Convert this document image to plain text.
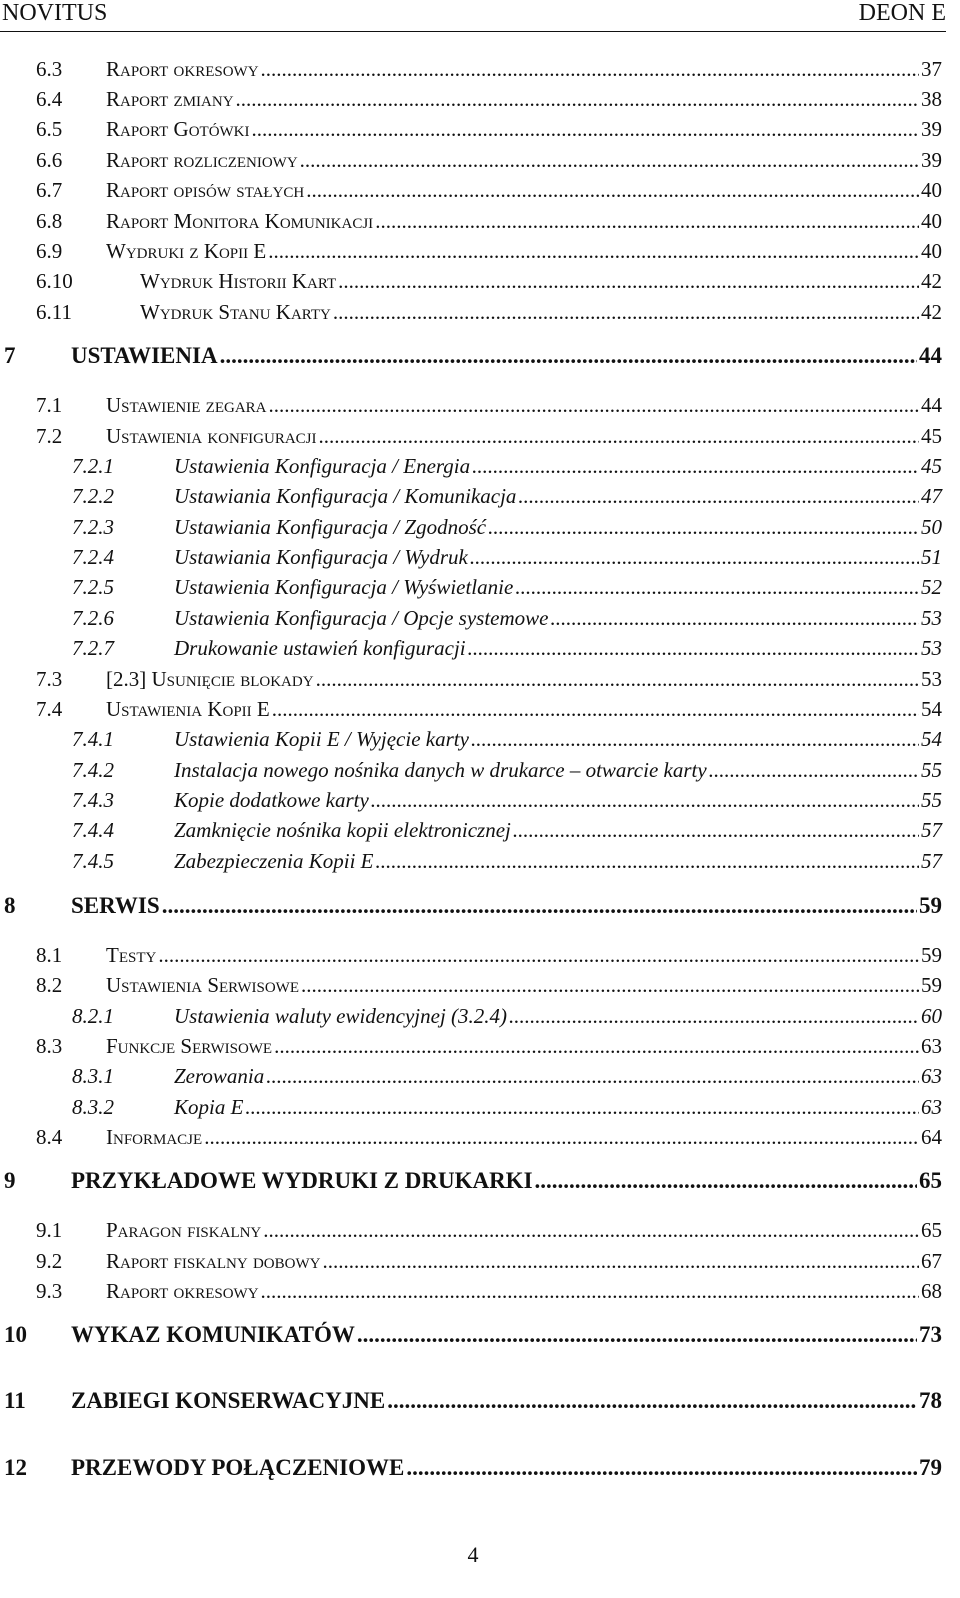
NOVITUS	DEON E
6.3	Raport okresowy .....	37
6.4	Raport zmiany .....	38
6.5	Raport Gotówki .....	39
6.6	Raport rozliczeniowy .....	39
6.7	Raport opisów stałych .....	40
6.8	Raport Monitora Komunikacji .....	40
6.9	Wydruki z Kopii E .....	40
6.10	Wydruk Historii Kart .....	42
6.11	Wydruk Stanu Karty .....	42
7	USTAWIENIA .....	44
7.1	Ustawienie zegara .....	44
7.2	Ustawienia konfiguracji .....	45
7.2.1	Ustawienia Konfiguracja / Energia .....	45
7.2.2	Ustawiania Konfiguracja / Komunikacja .....	47
7.2.3	Ustawiania Konfiguracja / Zgodność .....	50
7.2.4	Ustawiania Konfiguracja / Wydruk .....	51
7.2.5	Ustawienia Konfiguracja / Wyświetlanie .....	52
7.2.6	Ustawienia Konfiguracja / Opcje systemowe .....	53
7.2.7	Drukowanie ustawień konfiguracji .....	53
7.3	[2.3] Usunięcie blokady .....	53
7.4	Ustawienia Kopii E .....	54
7.4.1	Ustawienia Kopii E / Wyjęcie karty .....	54
7.4.2	Instalacja nowego nośnika danych w drukarce – otwarcie karty .....	55
7.4.3	Kopie dodatkowe karty .....	55
7.4.4	Zamknięcie nośnika kopii elektronicznej .....	57
7.4.5	Zabezpieczenia Kopii E .....	57
8	SERWIS .....	59
8.1	Testy .....	59
8.2	Ustawienia Serwisowe .....	59
8.2.1	Ustawienia waluty ewidencyjnej (3.2.4) .....	60
8.3	Funkcje Serwisowe .....	63
8.3.1	Zerowania .....	63
8.3.2	Kopia E .....	63
8.4	Informacje .....	64
9	PRZYKŁADOWE WYDRUKI Z DRUKARKI .....	65
9.1	Paragon fiskalny .....	65
9.2	Raport fiskalny dobowy .....	67
9.3	Raport okresowy .....	68
10	WYKAZ KOMUNIKATÓW .....	73
11	ZABIEGI KONSERWACYJNE .....	78
12	PRZEWODY POŁĄCZENIOWE .....	79
4
